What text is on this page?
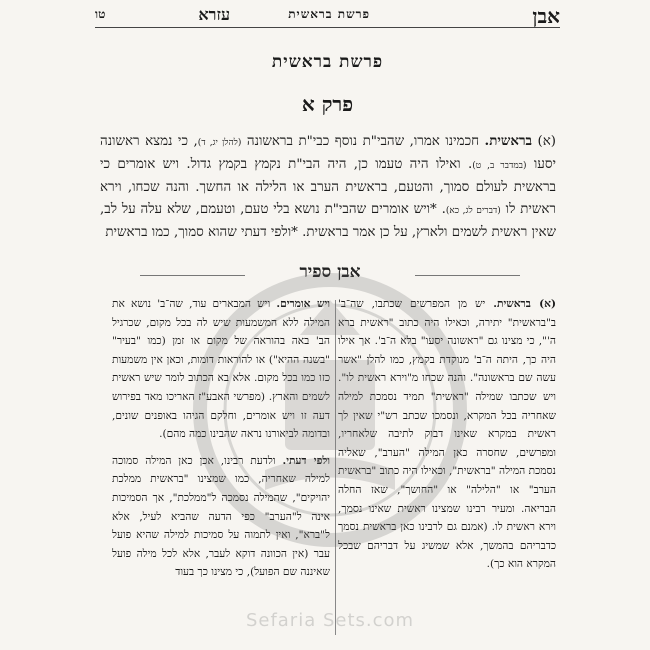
אבן
פרשת בראשית
עזרא
טו
פרשת בראשית
פרק א
(א) בראשית. חכמינו אמרו, שהבי"ת נוסף כבי"ת בראשונה (להלן יג, ד), כי נמצא ראשונה יסעו (במדבר ב, ט). ואילו היה טעמו כן, היה הבי"ת נקמץ בקמץ גדול. ויש אומרים כי בראשית לעולם סמוך, והטעם, בראשית הערב או הלילה או החשך. והנה שכחו, וירא ראשית לו (דברים לג, כא). *ויש אומרים שהבי"ת נושא בלי טעם, וטעמם, שלא עלה על לב, שאין ראשית לשמים ולארץ, על כן אמר בראשית. *ולפי דעתי שהוא סמוך, כמו בראשית
אבן ספיר

(א) בראשית. יש מן המפרשים שכתבו, שה־ב' ב"בראשית" יתירה, וכאילו היה כתוב "ראשית ברא ה'", כי מצינו גם "ראשונה יסעו" בלא ה־ב'. אך אילו היה כך, היתה ה־ב' מנוקדת בקמץ, כמו להלן "אשר עשה שם בראשונה". והנה שכחו מ"וירא ראשית לו". ויש שכתבו שמילה "ראשית" תמיד נסמכת למילה שאחריה בכל המקרא, ונסמכו שכתב רש"י שאין לך ראשית במקרא שאינו דבוק לתיבה שלאחריו, ומפרשים, שחסרה כאן המילה "הערב", שאליה נסמכת המילה "בראשית", וכאילו היה כתוב "בראשית הערב" או "הלילה" או "החושך", שאז החלה הבריאה. ומעיר רבינו שמצינו ראשית שאינו נסמך, וירא ראשית לו. (אמנם גם לרבינו כאן בראשית נסמך כדבריהם בהמשך, אלא שמשיג על דבריהם שבכל המקרא הוא כך).

ויש אומרים. ויש המבארים עוד, שה־ב' נושא את המילה ללא המשמעות שיש לה בכל מקום, שכרגיל הב' באה בהוראה של מקום או זמן (כמו "בעיר" "בשנה ההיא") או להוראות דומות, וכאן אין משמעות כזו כמו בכל מקום. אלא בא הכתוב לומר שיש ראשית לשמים והארץ. (מפרשי האבע"ז האריכו מאד בפירוש דעה זו ויש אומרים, וחלקם הגיהו באופנים שונים, ובדומה לביאורנו נראה שהבינו כמה מהם).

ולפי דעתי. ולדעת רבינו, אכן כאן המילה סמוכה למילה שאחריה, כמו שמצינו "בראשית ממלכת יהויקים", שהמילה נסמכה ל"ממלכת", אך הסמיכות אינה ל"הערב" כפי הדעה שהביא לעיל, אלא ל"ברא", ואין לתמוה על סמיכות למילה שהיא פועל עבר (אין הכוונה דוקא לעבר, אלא לכל מילה פועל שאיננה שם הפועל), כי מצינו כך בעוד

Sefaria Sets.com
